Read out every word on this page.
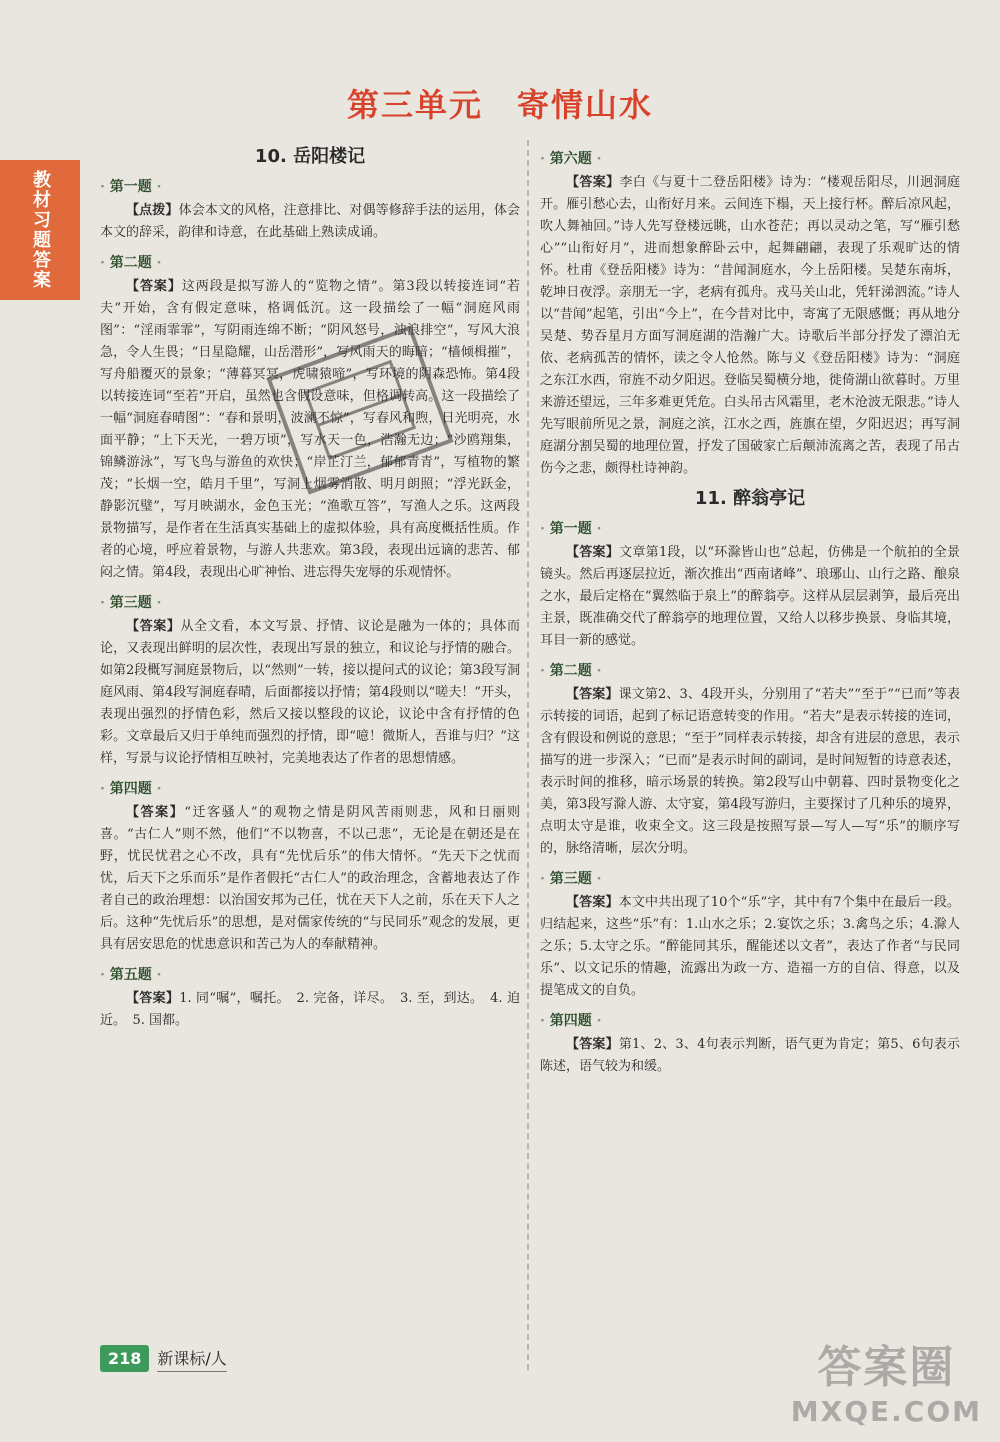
教材习题答案
第三单元　寄情山水
10. 岳阳楼记
· 第一题 ·

【点拨】体会本文的风格，注意排比、对偶等修辞手法的运用，体会本文的辞采，韵律和诗意，在此基础上熟读成诵。

· 第二题 ·

【答案】这两段是拟写游人的“览物之情”。第3段以转接连词“若夫”开始，含有假定意味，格调低沉。这一段描绘了一幅“洞庭风雨图”：“淫雨霏霏”，写阴雨连绵不断；“阴风怒号，浊浪排空”，写风大浪急，令人生畏；“日星隐耀，山岳潜形”，写风雨天的晦暗；“樯倾楫摧”，写舟船覆灭的景象；“薄暮冥冥，虎啸猿啼”，写环境的阴森恐怖。第4段以转接连词“至若”开启，虽然也含假设意味，但格调转高。这一段描绘了一幅“洞庭春晴图”：“春和景明，波澜不惊”，写春风和煦，日光明亮，水面平静；“上下天光，一碧万顷”，写水天一色，浩瀚无边；“沙鸥翔集，锦鳞游泳”，写飞鸟与游鱼的欢快；“岸芷汀兰，郁郁青青”，写植物的繁茂；“长烟一空，皓月千里”，写洞上烟雾消散、明月朗照；“浮光跃金，静影沉璧”，写月映湖水，金色玉光；“渔歌互答”，写渔人之乐。这两段景物描写，是作者在生活真实基础上的虚拟体验，具有高度概括性质。作者的心境，呼应着景物，与游人共悲欢。第3段，表现出远谪的悲苦、郁闷之情。第4段，表现出心旷神怡、进忘得失宠辱的乐观情怀。

· 第三题 ·

【答案】从全文看，本文写景、抒情、议论是融为一体的；具体而论，又表现出鲜明的层次性，表现出写景的独立，和议论与抒情的融合。如第2段概写洞庭景物后，以“然则”一转，接以提问式的议论；第3段写洞庭风雨、第4段写洞庭春晴，后面都接以抒情；第4段则以“嗟夫！”开头，表现出强烈的抒情色彩，然后又接以整段的议论，议论中含有抒情的色彩。文章最后又归于单纯而强烈的抒情，即“噫！微斯人，吾谁与归？”这样，写景与议论抒情相互映衬，完美地表达了作者的思想情感。

· 第四题 ·

【答案】“迁客骚人”的观物之情是阴风苦雨则悲，风和日丽则喜。“古仁人”则不然，他们“不以物喜，不以己悲”，无论是在朝还是在野，忧民忧君之心不改，具有“先忧后乐”的伟大情怀。“先天下之忧而忧，后天下之乐而乐”是作者假托“古仁人”的政治理念，含蓄地表达了作者自己的政治理想：以治国安邦为己任，忧在天下人之前，乐在天下人之后。这种“先忧后乐”的思想，是对儒家传统的“与民同乐”观念的发展，更具有居安思危的忧患意识和苦己为人的奉献精神。

· 第五题 ·

【答案】1. 同“嘱”，嘱托。　2. 完备，详尽。　3. 至，到达。　4. 迫近。　5. 国都。

· 第六题 ·

【答案】李白《与夏十二登岳阳楼》诗为：“楼观岳阳尽，川迥洞庭开。雁引愁心去，山衔好月来。云间连下榻，天上接行杯。醉后凉风起，吹人舞袖回。”诗人先写登楼远眺，山水苍茫；再以灵动之笔，写“雁引愁心”“山衔好月”，进而想象醉卧云中，起舞翩翩，表现了乐观旷达的情怀。杜甫《登岳阳楼》诗为：“昔闻洞庭水，今上岳阳楼。吴楚东南坼，乾坤日夜浮。亲朋无一字，老病有孤舟。戎马关山北，凭轩涕泗流。”诗人以“昔闻”起笔，引出“今上”，在今昔对比中，寄寓了无限感慨；再从地分吴楚、势吞星月方面写洞庭湖的浩瀚广大。诗歌后半部分抒发了漂泊无依、老病孤苦的情怀，读之令人怆然。陈与义《登岳阳楼》诗为：“洞庭之东江水西，帘旌不动夕阳迟。登临吴蜀横分地，徙倚湖山欲暮时。万里来游还望远，三年多难更凭危。白头吊古风霜里，老木沧波无限悲。”诗人先写眼前所见之景，洞庭之滨，江水之西，旌旗在望，夕阳迟迟；再写洞庭湖分割吴蜀的地理位置，抒发了国破家亡后颠沛流离之苦，表现了吊古伤今之悲，颇得杜诗神韵。

11. 醉翁亭记
· 第一题 ·

【答案】文章第1段，以“环滁皆山也”总起，仿佛是一个航拍的全景镜头。然后再逐层拉近，渐次推出“西南诸峰”、琅琊山、山行之路、酿泉之水，最后定格在“翼然临于泉上”的醉翁亭。这样从层层剥笋，最后亮出主景，既准确交代了醉翁亭的地理位置，又给人以移步换景、身临其境，耳目一新的感觉。

· 第二题 ·

【答案】课文第2、3、4段开头，分别用了“若夫”“至于”“已而”等表示转接的词语，起到了标记语意转变的作用。“若夫”是表示转接的连词，含有假设和例说的意思；“至于”同样表示转接，却含有进层的意思，表示描写的进一步深入；“已而”是表示时间的副词，是时间短暂的诗意表述，表示时间的推移，暗示场景的转换。第2段写山中朝暮、四时景物变化之美，第3段写滁人游、太守宴，第4段写游归，主要探讨了几种乐的境界，点明太守是谁，收束全文。这三段是按照写景—写人—写“乐”的顺序写的，脉络清晰，层次分明。

· 第三题 ·

【答案】本文中共出现了10个“乐”字，其中有7个集中在最后一段。归结起来，这些“乐”有：1.山水之乐；2.宴饮之乐；3.禽鸟之乐；4.滁人之乐；5.太守之乐。“醉能同其乐，醒能述以文者”，表达了作者“与民同乐”、以文记乐的情趣，流露出为政一方、造福一方的自信、得意，以及提笔成文的自负。

· 第四题 ·

【答案】第1、2、3、4句表示判断，语气更为肯定；第5、6句表示陈述，语气较为和缓。

218	新课标/人	答案圈
MXQE.COM
